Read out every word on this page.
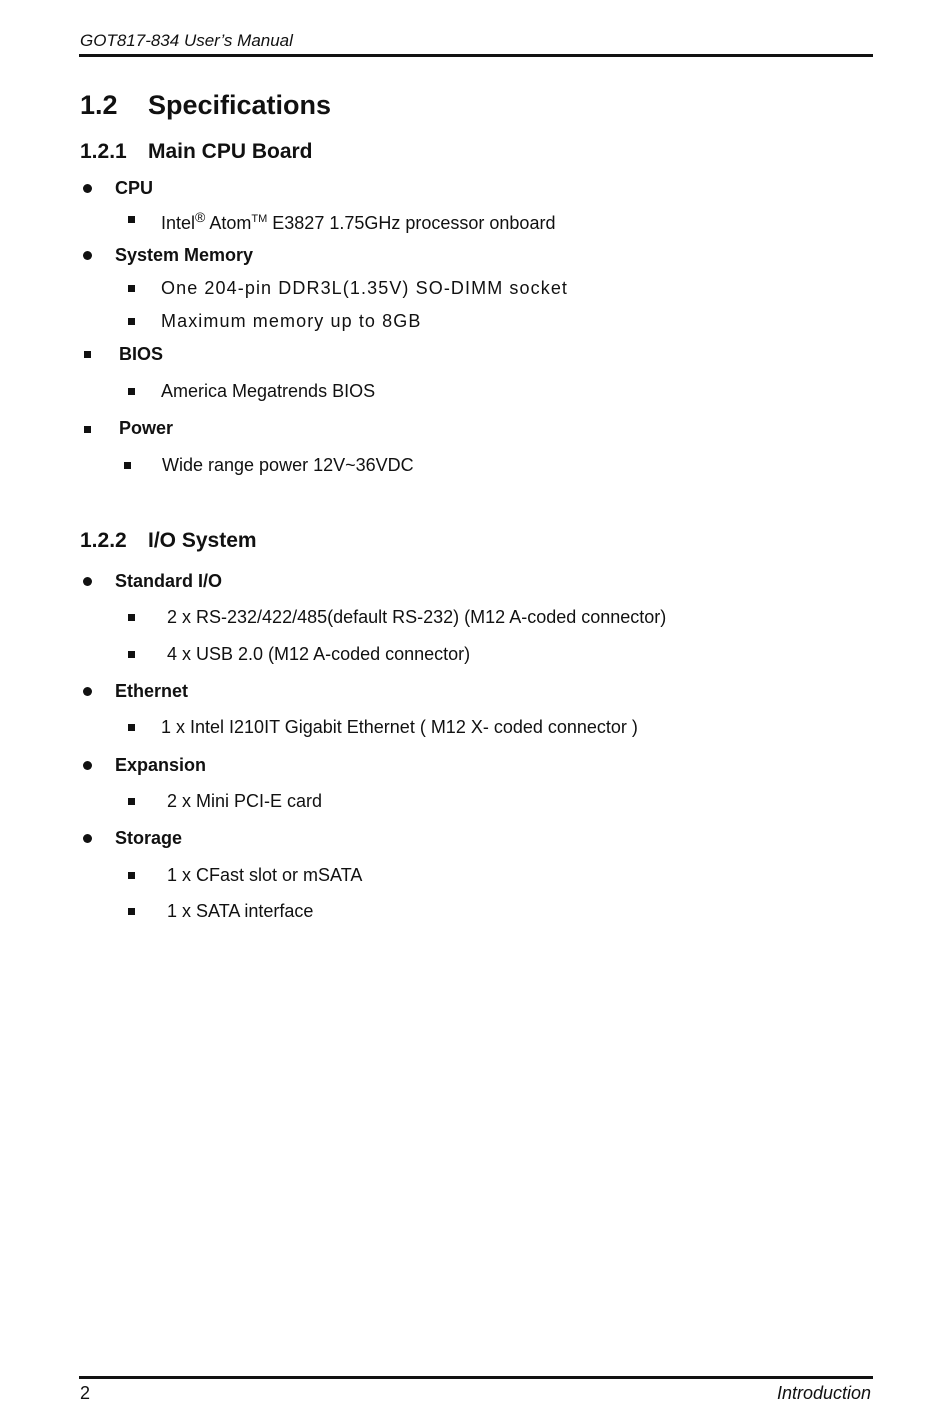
GOT817-834 User’s Manual
1.2 Specifications
1.2.1 Main CPU Board
CPU
Intel® Atom™ E3827 1.75GHz processor onboard
System Memory
One 204-pin DDR3L(1.35V) SO-DIMM socket
Maximum memory up to 8GB
BIOS
America Megatrends BIOS
Power
Wide range power 12V~36VDC
1.2.2 I/O System
Standard I/O
2 x RS-232/422/485(default RS-232) (M12 A-coded connector)
4 x USB 2.0 (M12 A-coded connector)
Ethernet
1 x Intel I210IT Gigabit Ethernet ( M12 X- coded connector )
Expansion
2 x Mini PCI-E card
Storage
1 x CFast slot or mSATA
1 x SATA interface
2	Introduction
